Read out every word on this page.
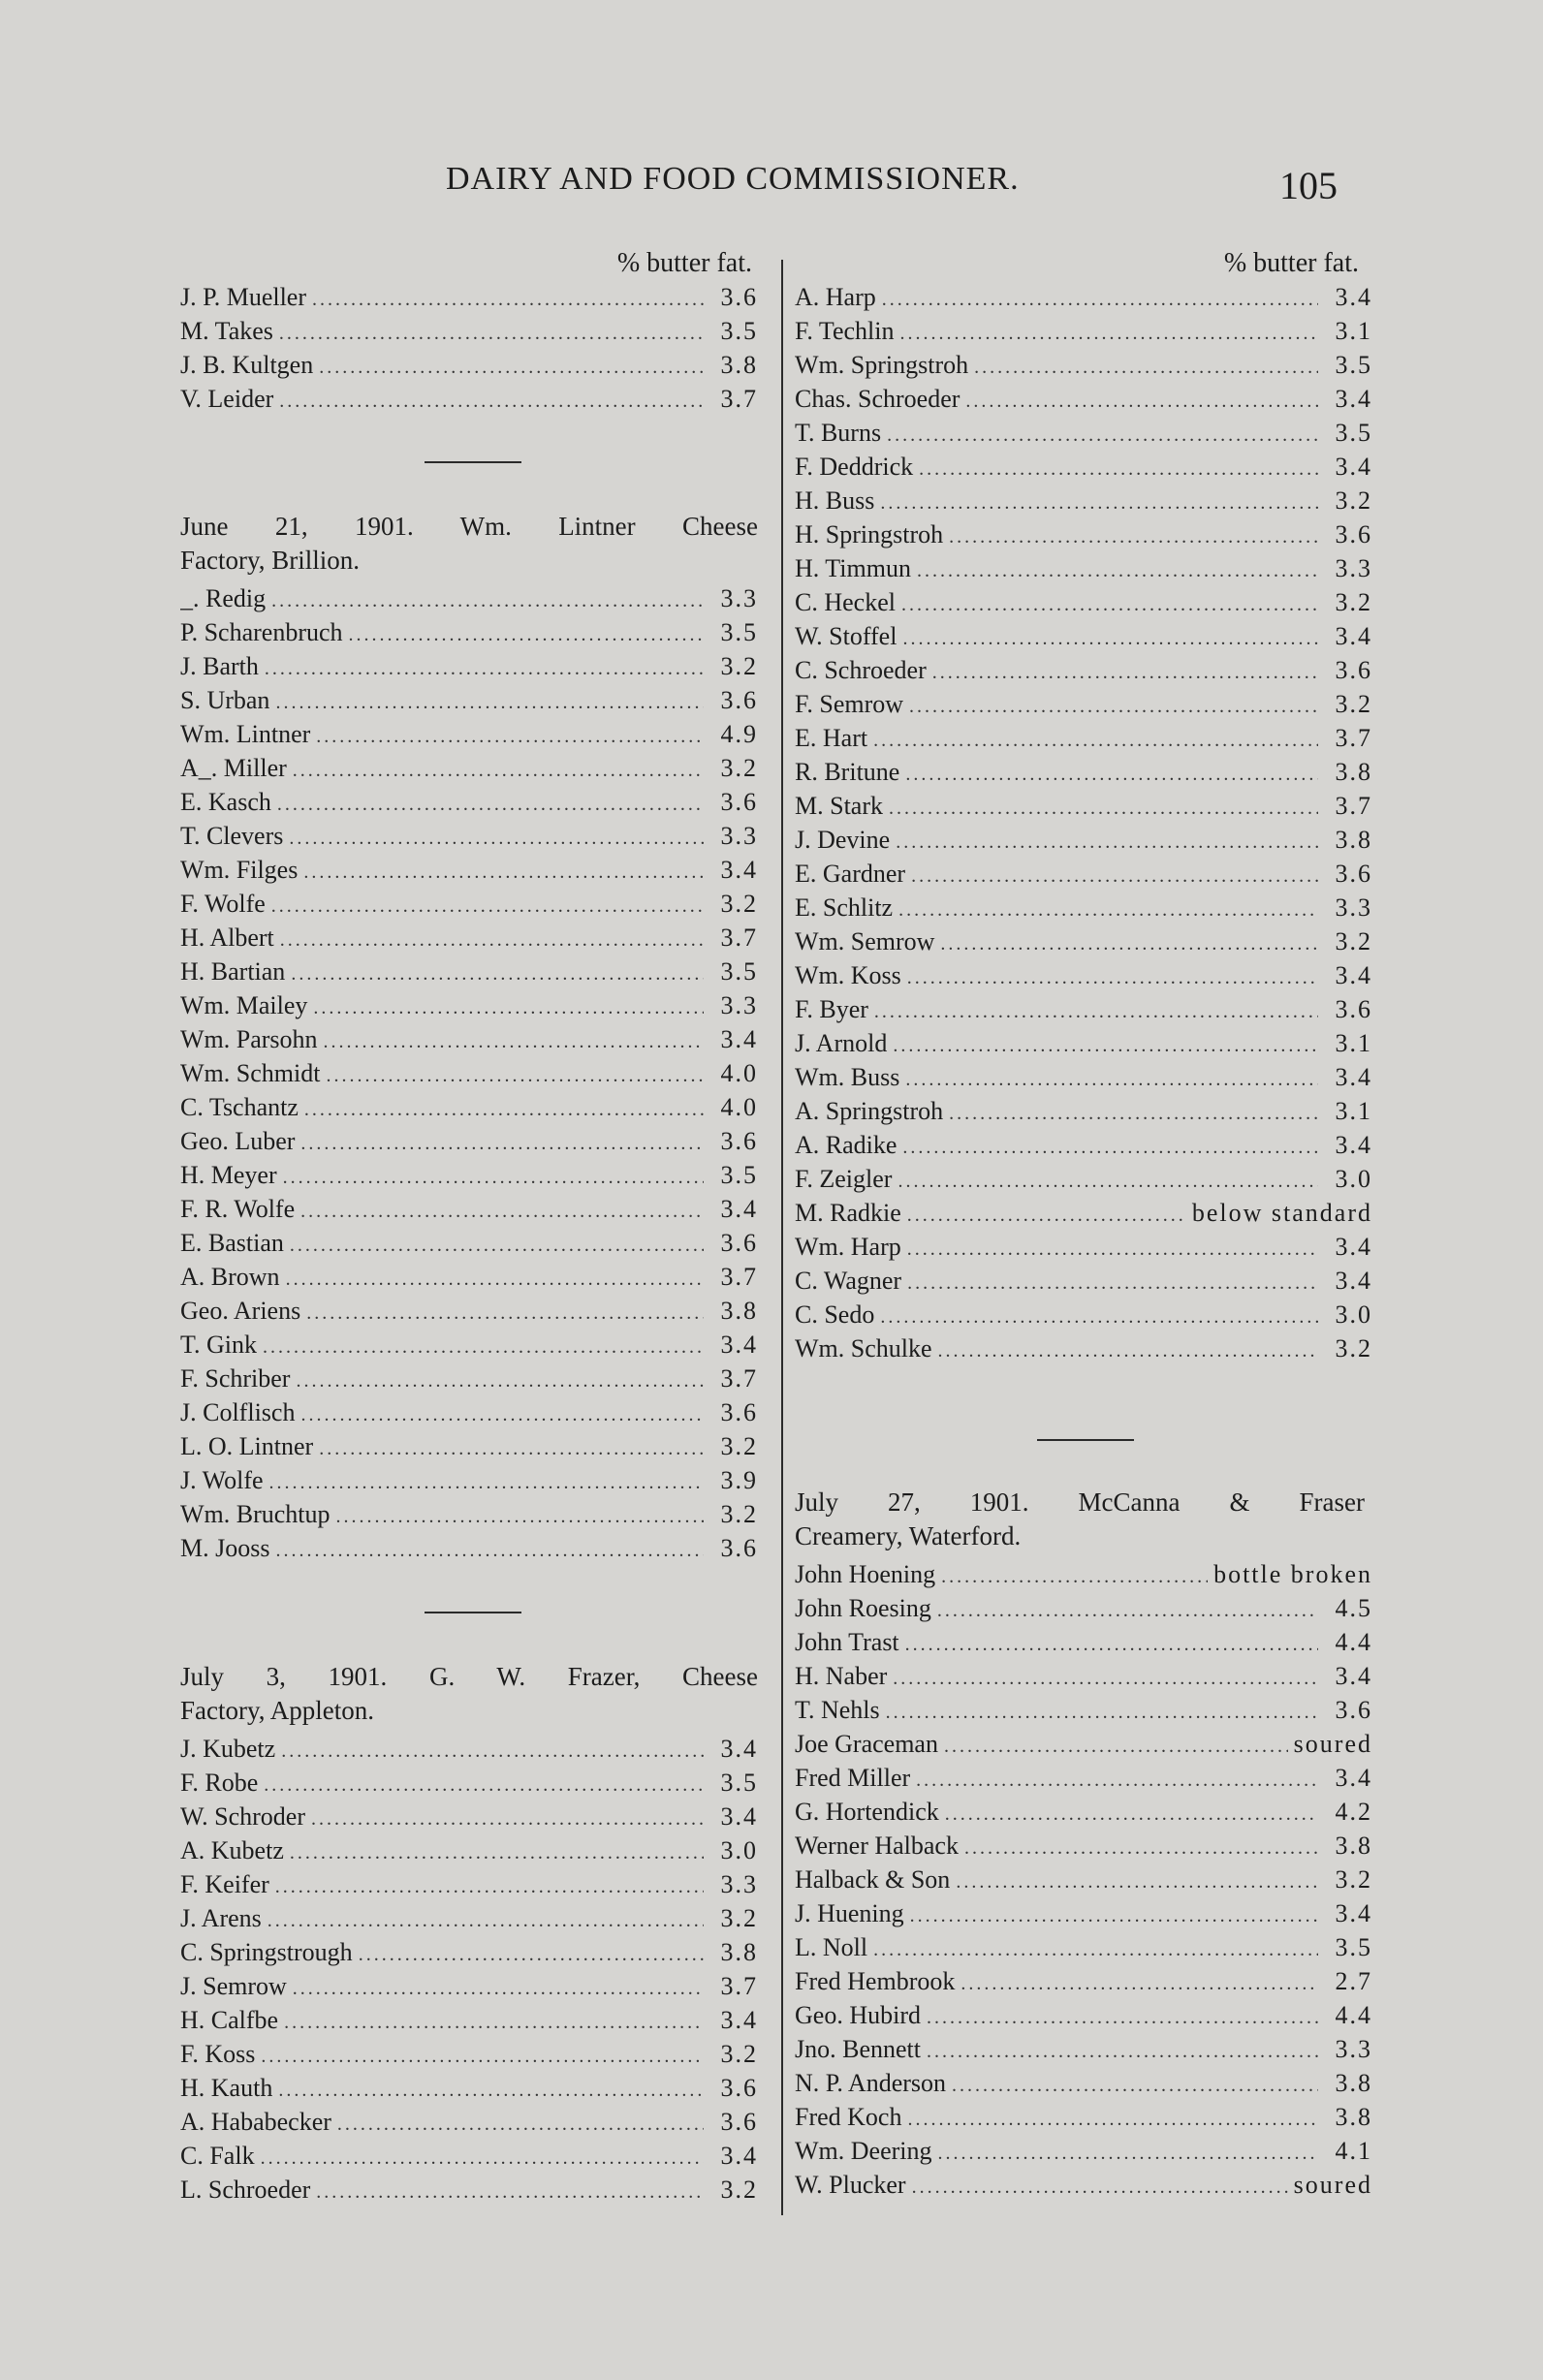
DAIRY AND FOOD COMMISSIONER.	105
% butter fat.
J. P. Mueller .....	3.6
M. Takes .....	3.5
J. B. Kultgen .....	3.8
V. Leider .....	3.7
June 21, 1901. Wm. Lintner Cheese
Factory, Brillion.
_. Redig .....	3.3
P. Scharenbruch .....	3.5
J. Barth .....	3.2
S. Urban .....	3.6
Wm. Lintner .....	4.9
A_. Miller .....	3.2
E. Kasch .....	3.6
T. Clevers .....	3.3
Wm. Filges .....	3.4
F. Wolfe .....	3.2
H. Albert .....	3.7
H. Bartian .....	3.5
Wm. Mailey .....	3.3
Wm. Parsohn .....	3.4
Wm. Schmidt .....	4.0
C. Tschantz .....	4.0
Geo. Luber .....	3.6
H. Meyer .....	3.5
F. R. Wolfe .....	3.4
E. Bastian .....	3.6
A. Brown .....	3.7
Geo. Ariens .....	3.8
T. Gink .....	3.4
F. Schriber .....	3.7
J. Colflisch .....	3.6
L. O. Lintner .....	3.2
J. Wolfe .....	3.9
Wm. Bruchtup .....	3.2
M. Jooss .....	3.6
July 3, 1901. G. W. Frazer, Cheese
Factory, Appleton.
J. Kubetz .....	3.4
F. Robe .....	3.5
W. Schroder .....	3.4
A. Kubetz .....	3.0
F. Keifer .....	3.3
J. Arens .....	3.2
C. Springstrough .....	3.8
J. Semrow .....	3.7
H. Calfbe .....	3.4
F. Koss .....	3.2
H. Kauth .....	3.6
A. Hababecker .....	3.6
C. Falk .....	3.4
L. Schroeder .....	3.2
% butter fat.
A. Harp .....	3.4
F. Techlin .....	3.1
Wm. Springstroh .....	3.5
Chas. Schroeder .....	3.4
T. Burns .....	3.5
F. Deddrick .....	3.4
H. Buss .....	3.2
H. Springstroh .....	3.6
H. Timmun .....	3.3
C. Heckel .....	3.2
W. Stoffel .....	3.4
C. Schroeder .....	3.6
F. Semrow .....	3.2
E. Hart .....	3.7
R. Britune .....	3.8
M. Stark .....	3.7
J. Devine .....	3.8
E. Gardner .....	3.6
E. Schlitz .....	3.3
Wm. Semrow .....	3.2
Wm. Koss .....	3.4
F. Byer .....	3.6
J. Arnold .....	3.1
Wm. Buss .....	3.4
A. Springstroh .....	3.1
A. Radike .....	3.4
F. Zeigler .....	3.0
M. Radkie .....	below standard
Wm. Harp .....	3.4
C. Wagner .....	3.4
C. Sedo .....	3.0
Wm. Schulke .....	3.2
July 27, 1901. McCanna & Fraser
Creamery, Waterford.
John Hoening .....	bottle broken
John Roesing .....	4.5
John Trast .....	4.4
H. Naber .....	3.4
T. Nehls .....	3.6
Joe Graceman .....	soured
Fred Miller .....	3.4
G. Hortendick .....	4.2
Werner Halback .....	3.8
Halback & Son .....	3.2
J. Huening .....	3.4
L. Noll .....	3.5
Fred Hembrook .....	2.7
Geo. Hubird .....	4.4
Jno. Bennett .....	3.3
N. P. Anderson .....	3.8
Fred Koch .....	3.8
Wm. Deering .....	4.1
W. Plucker .....	soured
